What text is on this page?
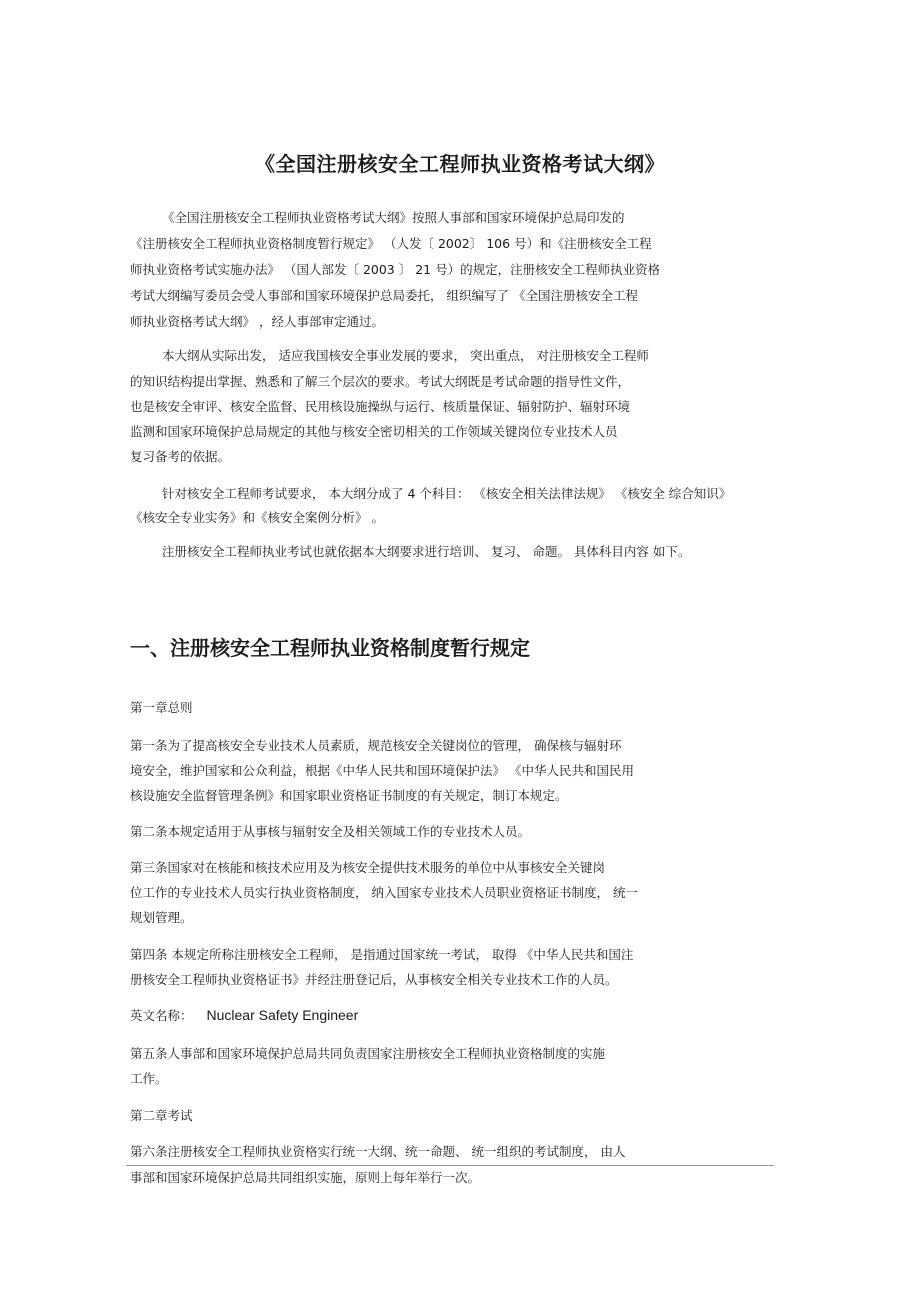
《全国注册核安全工程师执业资格考试大纲》

《全国注册核安全工程师执业资格考试大纲》按照人事部和国家环境保护总局印发的

《注册核安全工程师执业资格制度暂行规定》 （人发〔 2002〕 106 号）和《注册核安全工程

师执业资格考试实施办法》 （国人部发〔 2003 〕 21 号）的规定，注册核安全工程师执业资格

考试大纲编写委员会受人事部和国家环境保护总局委托， 组织编写了 《全国注册核安全工程

师执业资格考试大纲》 ，经人事部审定通过。

本大纲从实际出发， 适应我国核安全事业发展的要求， 突出重点， 对注册核安全工程师

的知识结构提出掌握、熟悉和了解三个层次的要求。考试大纲既是考试命题的指导性文件，

也是核安全审评、核安全监督、民用核设施操纵与运行、核质量保证、辐射防护、辐射环境

监测和国家环境保护总局规定的其他与核安全密切相关的工作领域关键岗位专业技术人员

复习备考的依据。

针对核安全工程师考试要求， 本大纲分成了 4 个科目： 《核安全相关法律法规》 《核安全 综合知识》

《核安全专业实务》和《核安全案例分析》 。

注册核安全工程师执业考试也就依据本大纲要求进行培训、 复习、 命题。 具体科目内容 如下。

一、注册核安全工程师执业资格制度暂行规定

第一章总则

第一条为了提高核安全专业技术人员素质，规范核安全关键岗位的管理， 确保核与辐射环

境安全，维护国家和公众利益，根据《中华人民共和国环境保护法》 《中华人民共和国民用

核设施安全监督管理条例》和国家职业资格证书制度的有关规定，制订本规定。

第二条本规定适用于从事核与辐射安全及相关领域工作的专业技术人员。

第三条国家对在核能和核技术应用及为核安全提供技术服务的单位中从事核安全关键岗

位工作的专业技术人员实行执业资格制度， 纳入国家专业技术人员职业资格证书制度， 统一

规划管理。

第四条 本规定所称注册核安全工程师， 是指通过国家统一考试， 取得 《中华人民共和国注

册核安全工程师执业资格证书》并经注册登记后，从事核安全相关专业技术工作的人员。

英文名称： Nuclear Safety Engineer

第五条人事部和国家环境保护总局共同负责国家注册核安全工程师执业资格制度的实施

工作。

第二章考试

第六条注册核安全工程师执业资格实行统一大纲、统一命题、 统一组织的考试制度， 由人

事部和国家环境保护总局共同组织实施，原则上每年举行一次。
